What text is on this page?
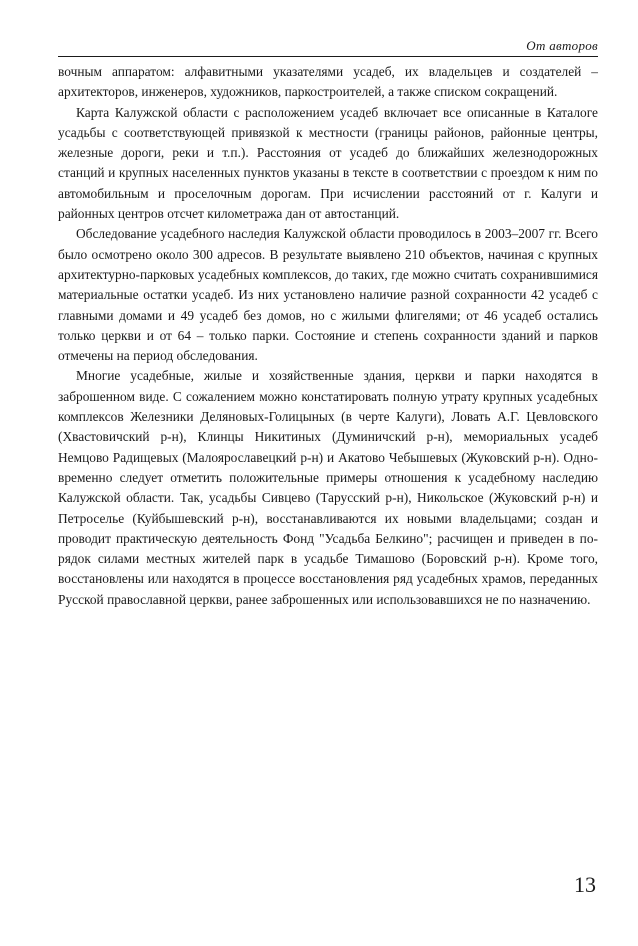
От авторов

вочным аппаратом: алфавитными указателями усадеб, их владельцев и создателей – архитекторов, инженеров, художников, паркостроителей, а также списком сокращений.

Карта Калужской области с расположением усадеб включает все описанные в Каталоге усадьбы с соответствующей привязкой к местности (границы районов, районные центры, железные дороги, реки и т.п.). Расстояния от усадеб до ближайших железнодорожных станций и крупных населенных пунктов указаны в тексте в соответствии с проездом к ним по автомобильным и проселочным дорогам. При исчислении расстояний от г. Калуги и районных центров отсчет километража дан от автостанций.

Обследование усадебного наследия Калужской области проводилось в 2003–2007 гг. Всего было осмотрено около 300 адресов. В результате выявлено 210 объектов, начиная с крупных архитектурно-парковых усадебных комплексов, до таких, где можно считать сохранившимися материальные остатки усадеб. Из них установлено наличие разной сохранности 42 усадеб с главными домами и 49 усадеб без домов, но с жилыми флигелями; от 46 усадеб остались только церкви и от 64 – только парки. Состояние и степень сохранности зданий и парков отмечены на период обследования.

Многие усадебные, жилые и хозяйственные здания, церкви и парки находятся в заброшенном виде. С сожалением можно констатировать полную утрату крупных усадебных комплексов Железники Деляновых-Голицыных (в черте Калуги), Ловать А.Г. Цевловского (Хвастовичский р-н), Клинцы Никитиных (Думиничский р-н), мемориальных усадеб Немцово Радищевых (Малоярославецкий р-н) и Акатово Чебышевых (Жуковский р-н). Одновременно следует отметить положительные примеры отношения к усадебному наследию Калужской области. Так, усадьбы Сивцево (Тарусский р-н), Никольское (Жуковский р-н) и Петроселье (Куйбышевский р-н), восстанавливаются их новыми владельцами; создан и проводит практическую деятельность Фонд "Усадьба Белкино"; расчищен и приведен в порядок силами местных жителей парк в усадьбе Тимашово (Боровский р-н). Кроме того, восстановлены или находятся в процессе восстановления ряд усадебных храмов, переданных Русской православной церкви, ранее заброшенных или использовавшихся не по назначению.

13
